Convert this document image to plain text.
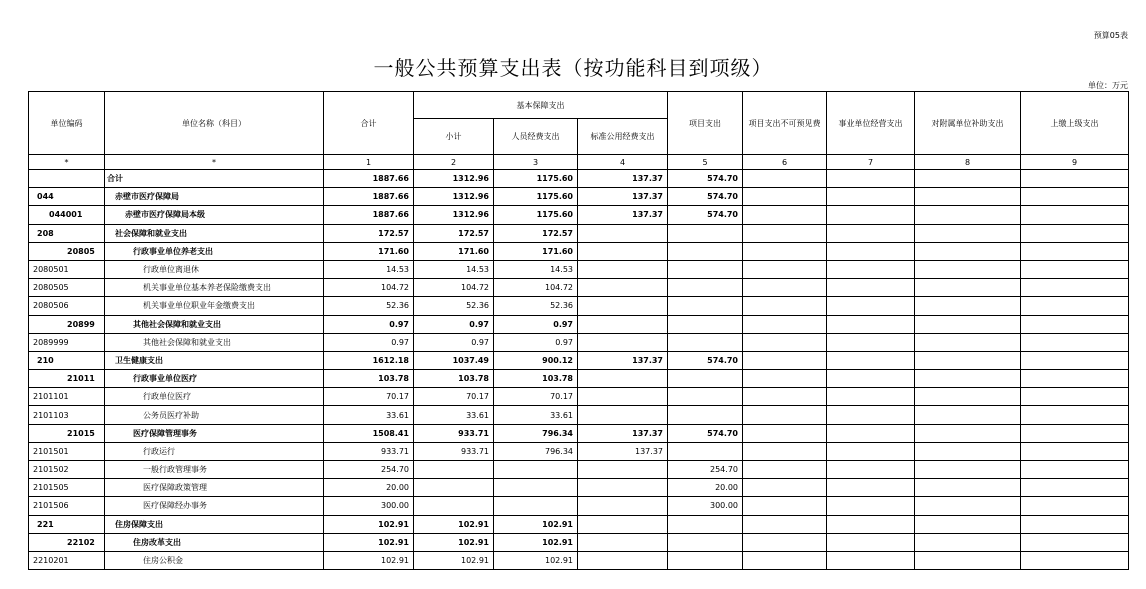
预算05表
一般公共预算支出表（按功能科目到项级）
单位：万元
单位编码	单位名称（科目）	合计	基本保障支出			项目支出	项目支出不可预见费	事业单位经营支出	对附属单位补助支出	上缴上级支出
			小计	人员经费支出	标准公用经费支出					
*	*	1	2	3	4	5	6	7	8	9
	合计	1887.66	1312.96	1175.60	137.37	574.70				
044	赤壁市医疗保障局	1887.66	1312.96	1175.60	137.37	574.70				
044001	赤壁市医疗保障局本级	1887.66	1312.96	1175.60	137.37	574.70				
208	社会保障和就业支出	172.57	172.57	172.57						
20805	行政事业单位养老支出	171.60	171.60	171.60						
2080501	行政单位离退休	14.53	14.53	14.53						
2080505	机关事业单位基本养老保险缴费支出	104.72	104.72	104.72						
2080506	机关事业单位职业年金缴费支出	52.36	52.36	52.36						
20899	其他社会保障和就业支出	0.97	0.97	0.97						
2089999	其他社会保障和就业支出	0.97	0.97	0.97						
210	卫生健康支出	1612.18	1037.49	900.12	137.37	574.70				
21011	行政事业单位医疗	103.78	103.78	103.78						
2101101	行政单位医疗	70.17	70.17	70.17						
2101103	公务员医疗补助	33.61	33.61	33.61						
21015	医疗保障管理事务	1508.41	933.71	796.34	137.37	574.70				
2101501	行政运行	933.71	933.71	796.34	137.37					
2101502	一般行政管理事务	254.70				254.70				
2101505	医疗保障政策管理	20.00				20.00				
2101506	医疗保障经办事务	300.00				300.00				
221	住房保障支出	102.91	102.91	102.91						
22102	住房改革支出	102.91	102.91	102.91						
2210201	住房公积金	102.91	102.91	102.91						
